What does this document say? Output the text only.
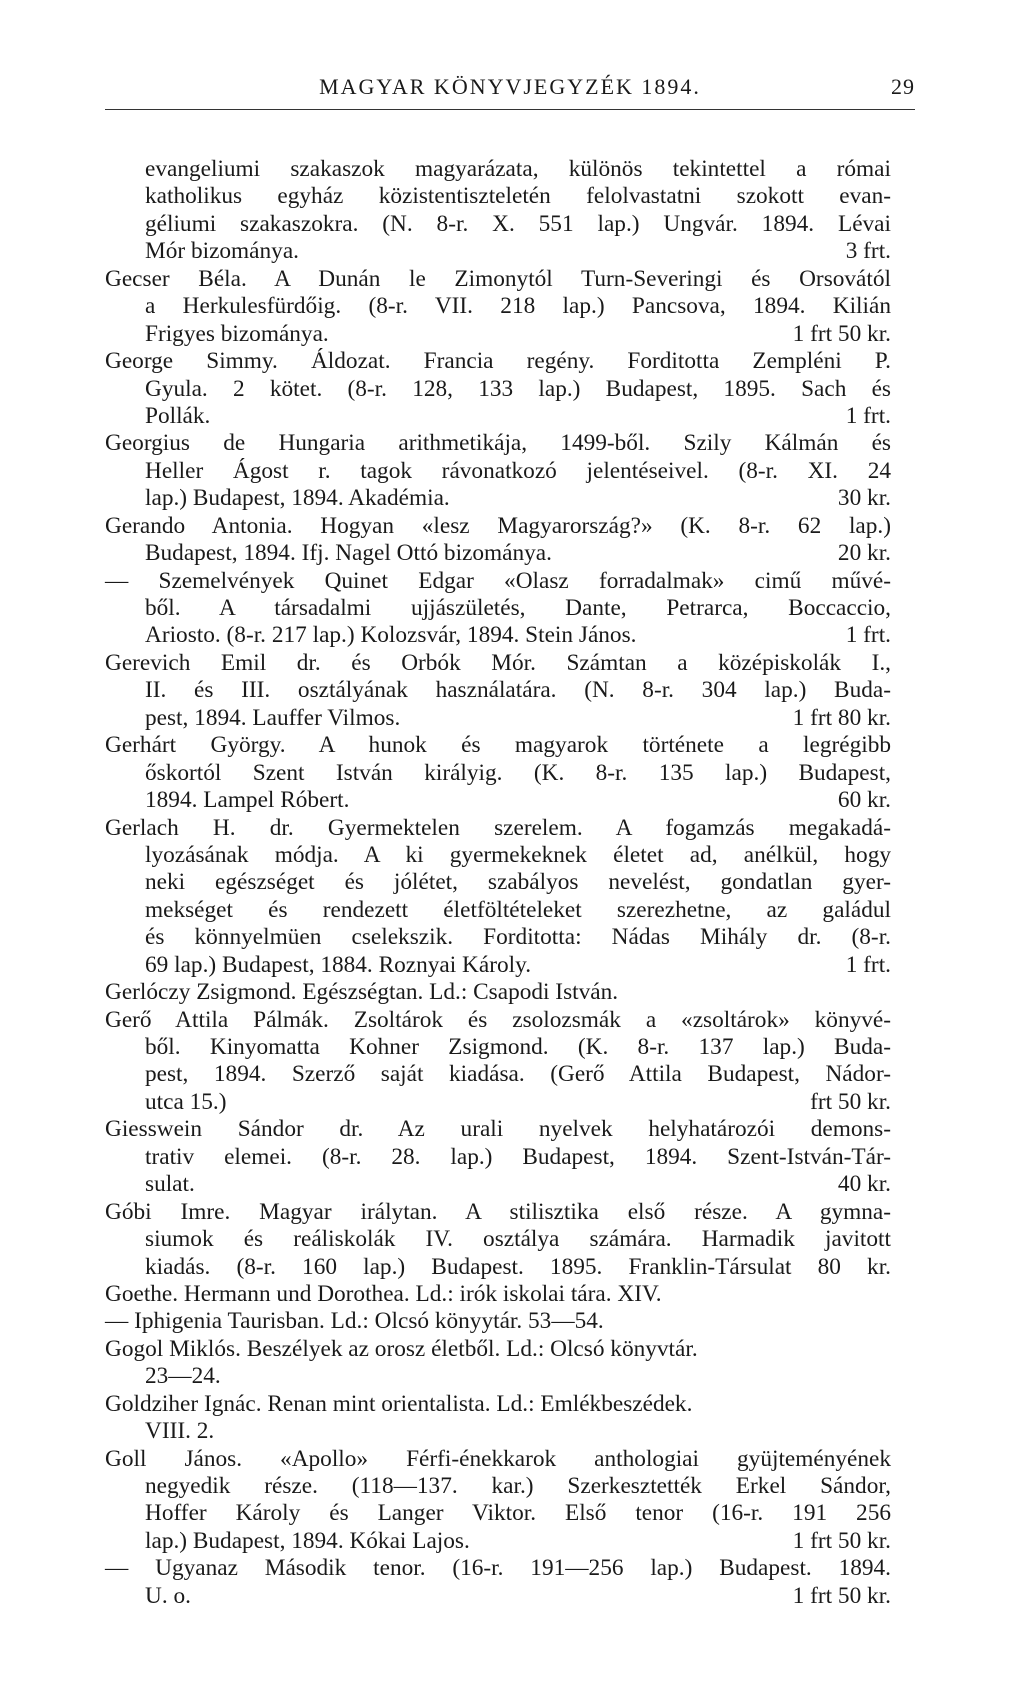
MAGYAR KÖNYVJEGYZÉK 1894.	29
evangeliumi szakaszok magyarázata, különös tekintettel a római
katholikus egyház közistentiszteletén felolvastatni szokott evan-
géliumi szakaszokra. (N. 8-r. X. 551 lap.) Ungvár. 1894. Lévai
Mór bizománya.	3 frt.
Gecser Béla. A Dunán le Zimonytól Turn-Severingi és Orsovától
a Herkulesfürdőig. (8-r. VII. 218 lap.) Pancsova, 1894. Kilián
Frigyes bizománya.	1 frt 50 kr.
George Simmy. Áldozat. Francia regény. Forditotta Zempléni P.
Gyula. 2 kötet. (8-r. 128, 133 lap.) Budapest, 1895. Sach és
Pollák.	1 frt.
Georgius de Hungaria arithmetikája, 1499-ből. Szily Kálmán és
Heller Ágost r. tagok rávonatkozó jelentéseivel. (8-r. XI. 24
lap.) Budapest, 1894. Akadémia.	30 kr.
Gerando Antonia. Hogyan «lesz Magyarország?» (K. 8-r. 62 lap.)
Budapest, 1894. Ifj. Nagel Ottó bizománya.	20 kr.
— Szemelvények Quinet Edgar «Olasz forradalmak» cimű művé-
ből. A társadalmi ujjászületés, Dante, Petrarca, Boccaccio,
Ariosto. (8-r. 217 lap.) Kolozsvár, 1894. Stein János.	1 frt.
Gerevich Emil dr. és Orbók Mór. Számtan a középiskolák I.,
II. és III. osztályának használatára. (N. 8-r. 304 lap.) Buda-
pest, 1894. Lauffer Vilmos.	1 frt 80 kr.
Gerhárt György. A hunok és magyarok története a legrégibb
őskortól Szent István királyig. (K. 8-r. 135 lap.) Budapest,
1894. Lampel Róbert.	60 kr.
Gerlach H. dr. Gyermektelen szerelem. A fogamzás megakadá-
lyozásának módja. A ki gyermekeknek életet ad, anélkül, hogy
neki egészséget és jólétet, szabályos nevelést, gondatlan gyer-
mekséget és rendezett életföltételeket szerezhetne, az galádul
és könnyelmüen cselekszik. Forditotta: Nádas Mihály dr. (8-r.
69 lap.) Budapest, 1884. Roznyai Károly.	1 frt.
Gerlóczy Zsigmond. Egészségtan. Ld.: Csapodi István.
Gerő Attila Pálmák. Zsoltárok és zsolozsmák a «zsoltárok» könyvé-
ből. Kinyomatta Kohner Zsigmond. (K. 8-r. 137 lap.) Buda-
pest, 1894. Szerző saját kiadása. (Gerő Attila Budapest, Nádor-
utca 15.)	frt 50 kr.
Giesswein Sándor dr. Az urali nyelvek helyhatározói demons-
trativ elemei. (8-r. 28. lap.) Budapest, 1894. Szent-István-Tár-
sulat.	40 kr.
Góbi Imre. Magyar irálytan. A stilisztika első része. A gymna-
siumok és reáliskolák IV. osztálya számára. Harmadik javitott
kiadás. (8-r. 160 lap.) Budapest. 1895. Franklin-Társulat 80 kr.
Goethe. Hermann und Dorothea. Ld.: irók iskolai tára. XIV.
— Iphigenia Taurisban. Ld.: Olcsó könyytár. 53—54.
Gogol Miklós. Beszélyek az orosz életből. Ld.: Olcsó könyvtár.
23—24.
Goldziher Ignác. Renan mint orientalista. Ld.: Emlékbeszédek.
VIII. 2.
Goll János. «Apollo» Férfi-énekkarok anthologiai gyüjteményének
negyedik része. (118—137. kar.) Szerkesztették Erkel Sándor,
Hoffer Károly és Langer Viktor. Első tenor (16-r. 191 256
lap.) Budapest, 1894. Kókai Lajos.	1 frt 50 kr.
— Ugyanaz Második tenor. (16-r. 191—256 lap.) Budapest. 1894.
U. o.	1 frt 50 kr.
